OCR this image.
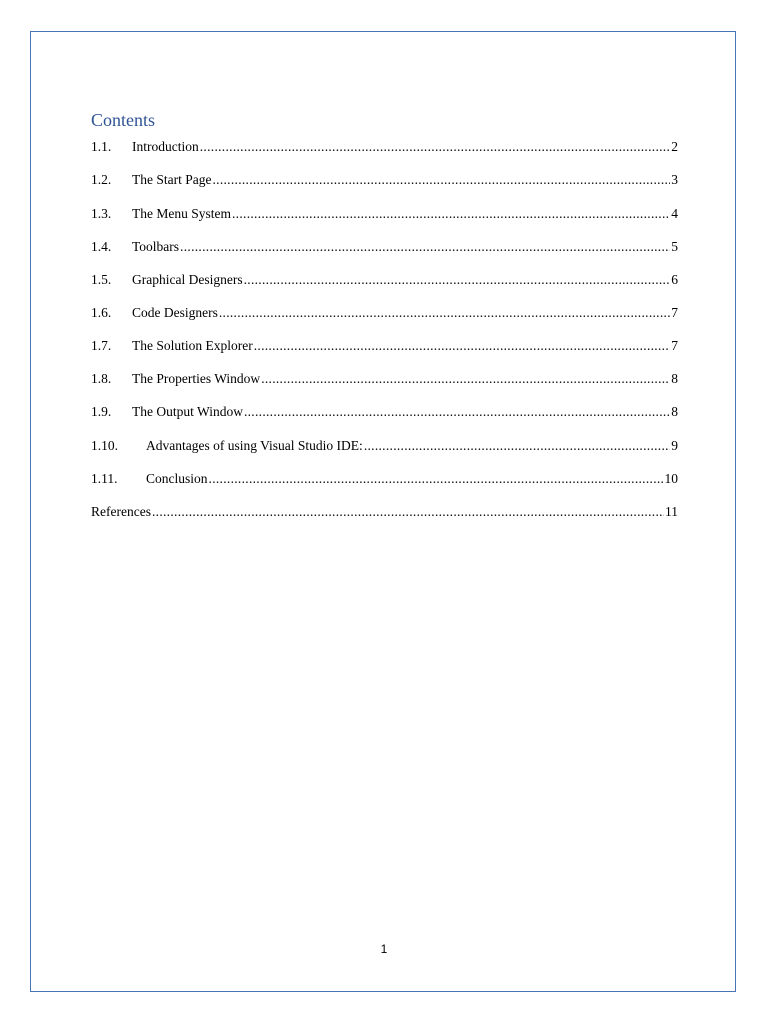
Contents
1.1.	Introduction .....	2
1.2.	The Start Page .....	3
1.3.	The Menu System .....	4
1.4.	Toolbars .....	5
1.5.	Graphical Designers .....	6
1.6.	Code Designers .....	7
1.7.	The Solution Explorer .....	7
1.8.	The Properties Window .....	8
1.9.	The Output Window .....	8
1.10.	Advantages of using Visual Studio IDE: .....	9
1.11.	Conclusion .....	10
References .....	11
1
